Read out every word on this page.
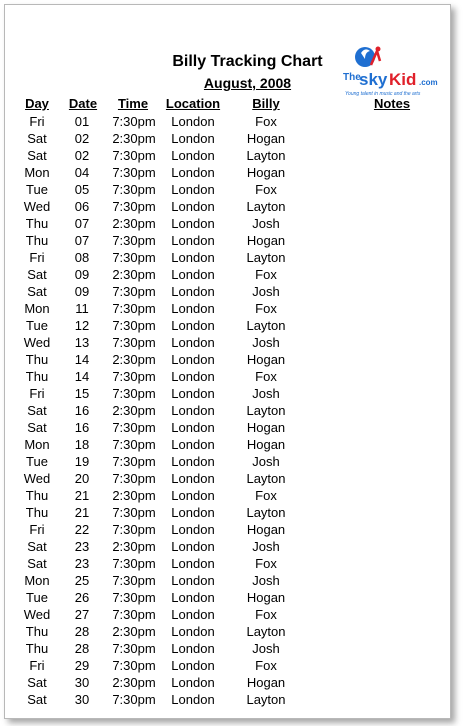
Billy Tracking Chart
August, 2008	The
sky Kid .com
Young talent in music and the arts
Day	Date	Time	Location	Billy	Notes
Fri	01	7:30pm	London	Fox
Sat	02	2:30pm	London	Hogan
Sat	02	7:30pm	London	Layton
Mon	04	7:30pm	London	Hogan
Tue	05	7:30pm	London	Fox
Wed	06	7:30pm	London	Layton
Thu	07	2:30pm	London	Josh
Thu	07	7:30pm	London	Hogan
Fri	08	7:30pm	London	Layton
Sat	09	2:30pm	London	Fox
Sat	09	7:30pm	London	Josh
Mon	11	7:30pm	London	Fox
Tue	12	7:30pm	London	Layton
Wed	13	7:30pm	London	Josh
Thu	14	2:30pm	London	Hogan
Thu	14	7:30pm	London	Fox
Fri	15	7:30pm	London	Josh
Sat	16	2:30pm	London	Layton
Sat	16	7:30pm	London	Hogan
Mon	18	7:30pm	London	Hogan
Tue	19	7:30pm	London	Josh
Wed	20	7:30pm	London	Layton
Thu	21	2:30pm	London	Fox
Thu	21	7:30pm	London	Layton
Fri	22	7:30pm	London	Hogan
Sat	23	2:30pm	London	Josh
Sat	23	7:30pm	London	Fox
Mon	25	7:30pm	London	Josh
Tue	26	7:30pm	London	Hogan
Wed	27	7:30pm	London	Fox
Thu	28	2:30pm	London	Layton
Thu	28	7:30pm	London	Josh
Fri	29	7:30pm	London	Fox
Sat	30	2:30pm	London	Hogan
Sat	30	7:30pm	London	Layton
